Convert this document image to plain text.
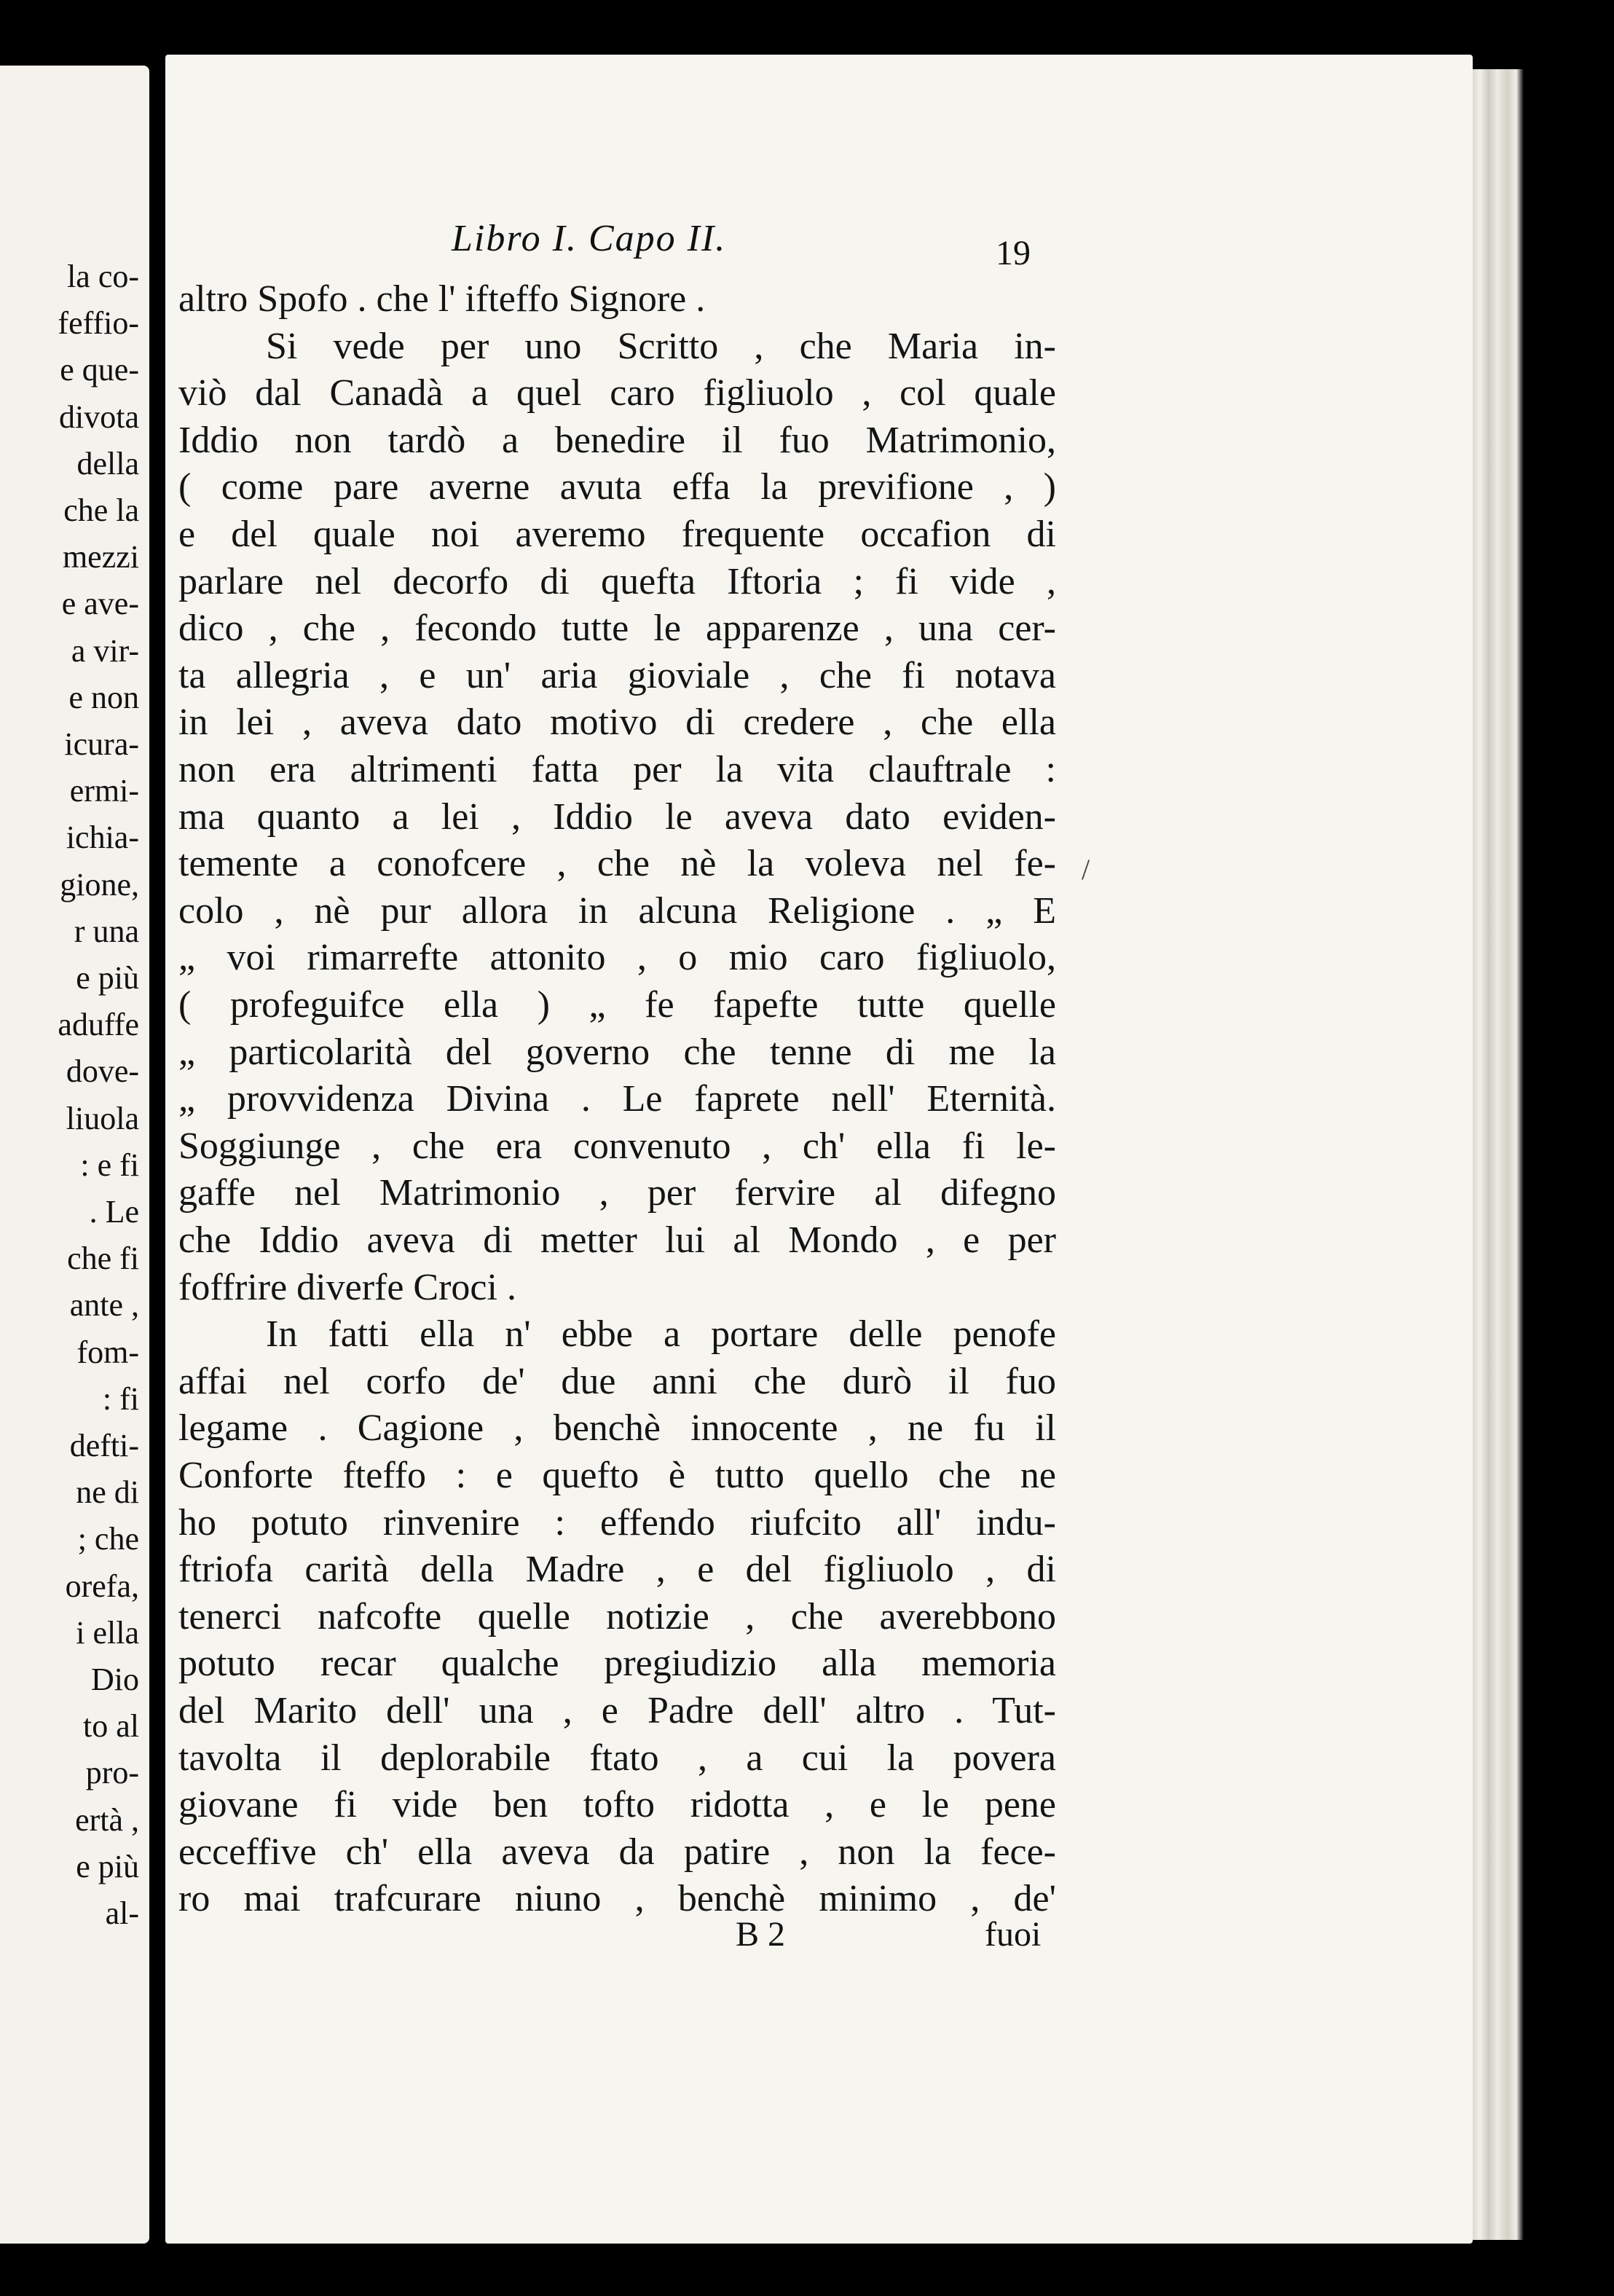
la co-
feffio-
e que-
divota
della
che la
mezzi
e ave-
a vir-
e non
icura-
ermi-
ichia-
gione,
r una
e più
aduffe
dove-
liuola
: e fi
. Le
che fi
ante ,
fom-
: fi
defti-
ne di
; che
orefa,
i ella
Dio
to al
pro-
ertà ,
e più
al-
Libro I. Capo II.	19
altro Spofo . che l' ifteffo Signore .
Si vede per uno Scritto , che Maria in-
viò dal Canadà a quel caro figliuolo , col quale
Iddio non tardò a benedire il fuo Matrimonio,
( come pare averne avuta effa la previfione , )
e del quale noi averemo frequente occafion di
parlare nel decorfo di quefta Iftoria ; fi vide ,
dico , che , fecondo tutte le apparenze , una cer-
ta allegria , e un' aria gioviale , che fi notava
in lei , aveva dato motivo di credere , che ella
non era altrimenti fatta per la vita clauftrale :
ma quanto a lei , Iddio le aveva dato eviden-
temente a conofcere , che nè la voleva nel fe-
colo , nè pur allora in alcuna Religione . „ E
„ voi rimarrefte attonito , o mio caro figliuolo,
( profeguifce ella ) „ fe fapefte tutte quelle
„ particolarità del governo che tenne di me la
„ provvidenza Divina . Le faprete nell' Eternità.
Soggiunge , che era convenuto , ch' ella fi le-
gaffe nel Matrimonio , per fervire al difegno
che Iddio aveva di metter lui al Mondo , e per
foffrire diverfe Croci .
In fatti ella n' ebbe a portare delle penofe
affai nel corfo de' due anni che durò il fuo
legame . Cagione , benchè innocente , ne fu il
Conforte fteffo : e quefto è tutto quello che ne
ho potuto rinvenire : effendo riufcito all' indu-
ftriofa carità della Madre , e del figliuolo , di
tenerci nafcofte quelle notizie , che averebbono
potuto recar qualche pregiudizio alla memoria
del Marito dell' una , e Padre dell' altro . Tut-
tavolta il deplorabile ftato , a cui la povera
giovane fi vide ben tofto ridotta , e le pene
ecceffive ch' ella aveva da patire , non la fece-
ro mai trafcurare niuno , benchè minimo , de'
B 2	fuoi
/
